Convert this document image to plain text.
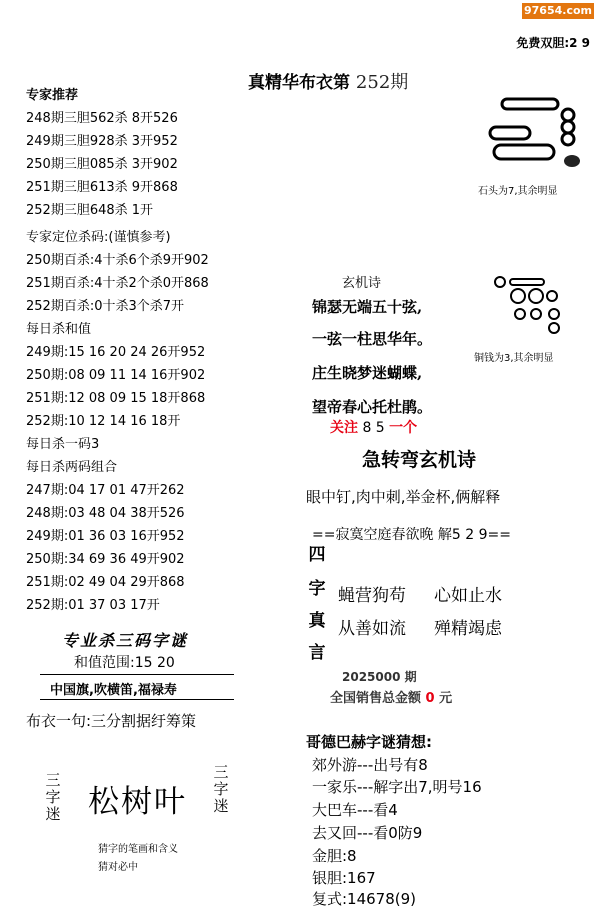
97654.com
免费双胆:2 9
真精华布衣第 252期
专家推荐
248期三胆562杀 8开526
249期三胆928杀 3开952
250期三胆085杀 3开902
251期三胆613杀 9开868
252期三胆648杀 1开
专家定位杀码:(谨慎参考)
250期百杀:4十杀6个杀9开902
251期百杀:4十杀2个杀0开868
252期百杀:0十杀3个杀7开
每日杀和值
249期:15 16 20 24 26开952
250期:08 09 11 14 16开902
251期:12 08 09 15 18开868
252期:10 12 14 16 18开
每日杀一码3
每日杀两码组合
247期:04 17 01 47开262
248期:03 48 04 38开526
249期:01 36 03 16开952
250期:34 69 36 49开902
251期:02 49 04 29开868
252期:01 37 03 17开
专业杀三码字谜
和值范围:15 20
中国旗,吹横笛,福禄寿
布衣一句:三分割据纡筹策
三
字
迷 松树叶
三
字
迷
猜字的笔画和含义
猜对必中
石头为7,其余明显
铜钱为3,其余明显
玄机诗
锦瑟无端五十弦,
一弦一柱思华年。
庄生晓梦迷蝴蝶,
望帝春心托杜鹃。
关注 8 5 一个
急转弯玄机诗
眼中钉,肉中刺,举金杯,俩解释
==寂寞空庭春欲晚 解5 2 9==
四
字
真
言
蝇营狗苟 心如止水
从善如流 殚精竭虑
2025000 期
全国销售总金额 0 元
哥德巴赫字谜猜想:
郊外游---出号有8
一家乐---解字出7,明号16
大巴车---看4
去又回---看0防9
金胆:8
银胆:167
复式:14678(9)
